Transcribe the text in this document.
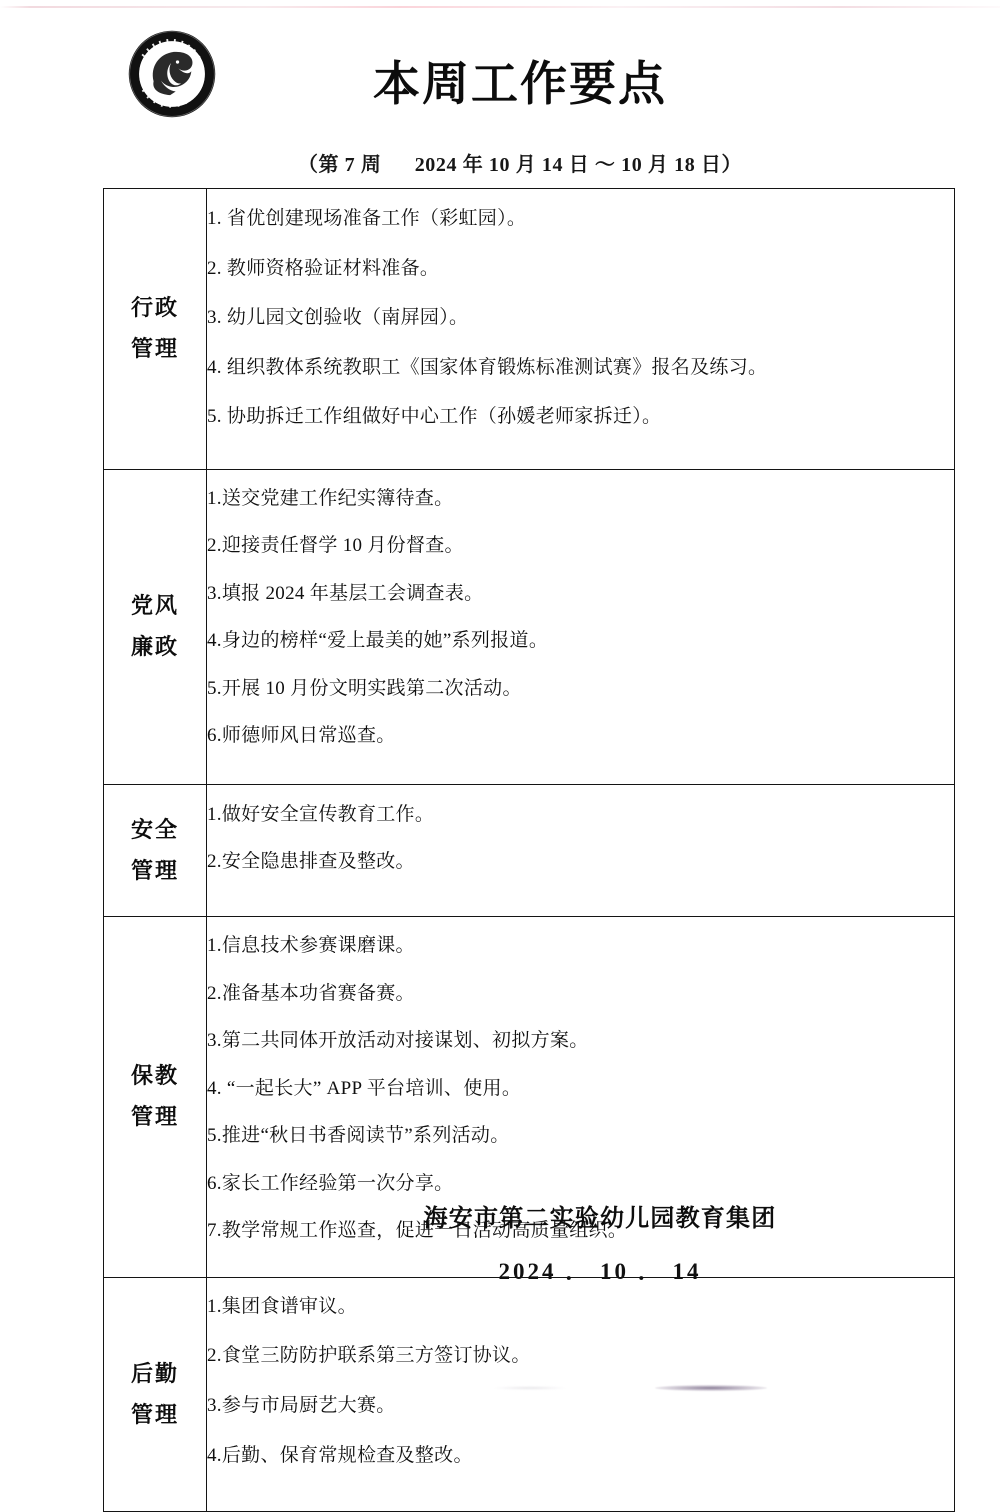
本周工作要点
（第 7 周 2024 年 10 月 14 日 ～ 10 月 18 日）
行政
管理

1. 省优创建现场准备工作（彩虹园）。
2. 教师资格验证材料准备。
3. 幼儿园文创验收（南屏园）。
4. 组织教体系统教职工《国家体育锻炼标准测试赛》报名及练习。
5. 协助拆迁工作组做好中心工作（孙媛老师家拆迁）。

党风
廉政

1.送交党建工作纪实簿待查。
2.迎接责任督学 10 月份督查。
3.填报 2024 年基层工会调查表。
4.身边的榜样“爱上最美的她”系列报道。
5.开展 10 月份文明实践第二次活动。
6.师德师风日常巡查。

安全
管理

1.做好安全宣传教育工作。
2.安全隐患排查及整改。

保教
管理

1.信息技术参赛课磨课。
2.准备基本功省赛备赛。
3.第二共同体开放活动对接谋划、初拟方案。
4. “一起长大” APP 平台培训、使用。
5.推进“秋日书香阅读节”系列活动。
6.家长工作经验第一次分享。
7.教学常规工作巡查，促进一日活动高质量组织。

后勤
管理

1.集团食谱审议。
2.食堂三防防护联系第三方签订协议。
3.参与市局厨艺大赛。
4.后勤、保育常规检查及整改。
海安市第二实验幼儿园教育集团
2024 ． 10 ． 14
